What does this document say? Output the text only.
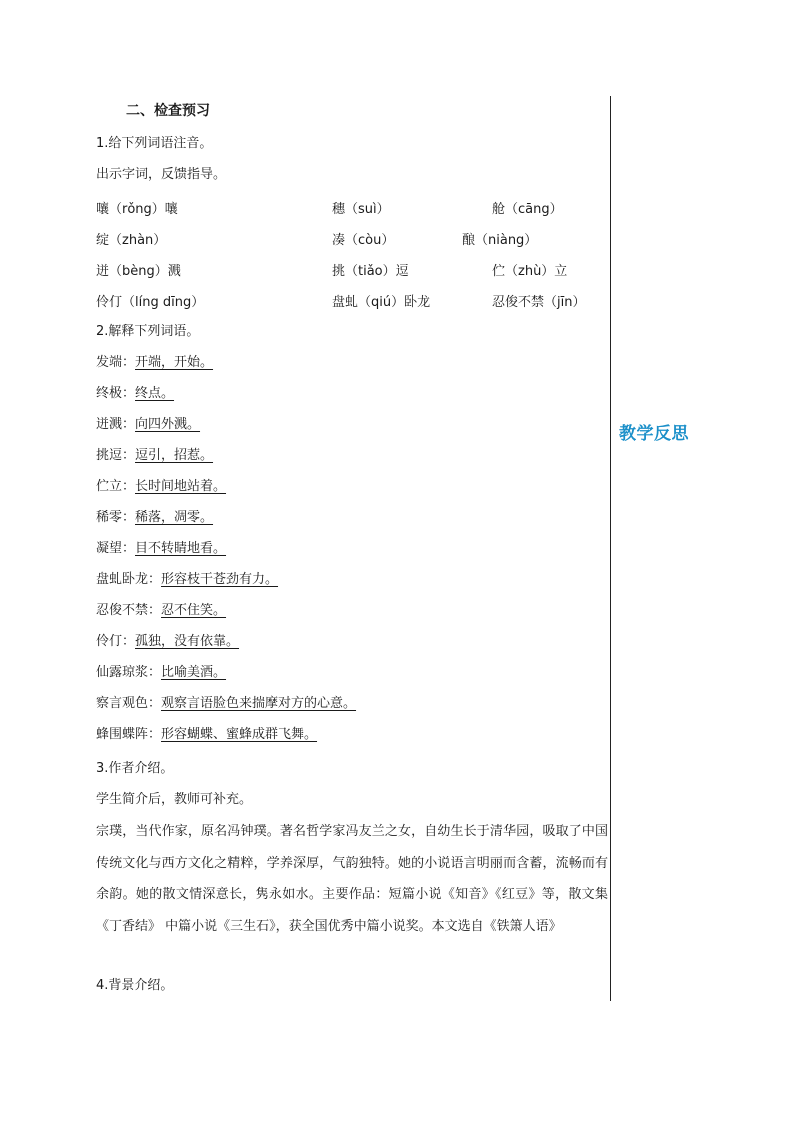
教学反思
二、检查预习
1.给下列词语注音。
出示字词，反馈指导。
嚷（rǒng）嚷	穗（suì）	舱（cāng）
绽（zhàn）	凑（còu）	酿（niàng）
迸（bèng）溅	挑（tiǎo）逗	伫（zhù）立
伶仃（líng dīng）	盘虬（qiú）卧龙	忍俊不禁（jīn）
2.解释下列词语。
发端：开端，开始。
终极：终点。
迸溅：向四外溅。
挑逗：逗引，招惹。
伫立：长时间地站着。
稀零：稀落，凋零。
凝望：目不转睛地看。
盘虬卧龙：形容枝干苍劲有力。
忍俊不禁：忍不住笑。
伶仃：孤独，没有依靠。
仙露琼浆：比喻美酒。
察言观色：观察言语脸色来揣摩对方的心意。
蜂围蝶阵：形容蝴蝶、蜜蜂成群飞舞。
3.作者介绍。
学生简介后，教师可补充。
宗璞，当代作家，原名冯钟璞。著名哲学家冯友兰之女，自幼生长于清华园，吸取了中国传统文化与西方文化之精粹，学养深厚，气韵独特。她的小说语言明丽而含蓄，流畅而有余韵。她的散文情深意长，隽永如水。主要作品：短篇小说《知音》《红豆》等，散文集《丁香结》 中篇小说《三生石》，获全国优秀中篇小说奖。本文选自《铁箫人语》
4.背景介绍。
